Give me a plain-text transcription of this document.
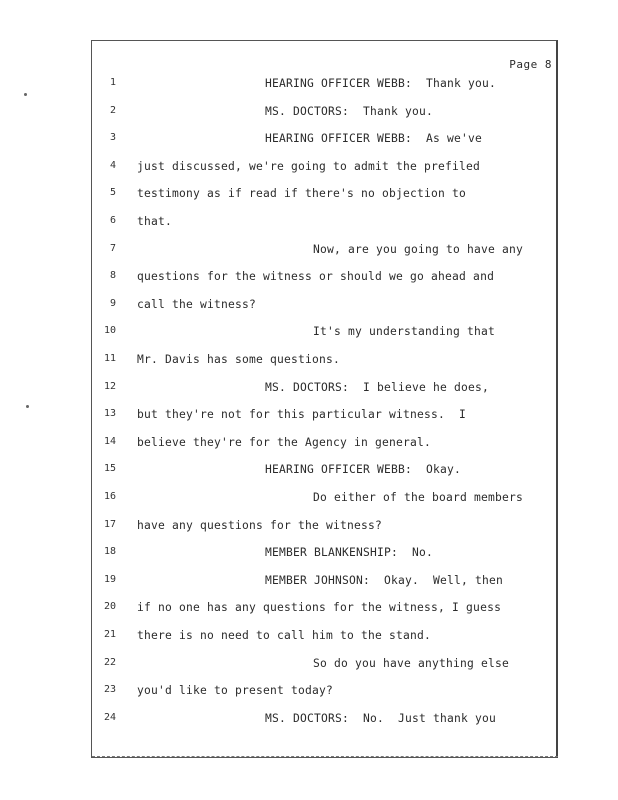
Page 8
1	HEARING OFFICER WEBB:  Thank you.
2	MS. DOCTORS:  Thank you.
3	HEARING OFFICER WEBB:  As we've
4 just discussed, we're going to admit the prefiled
5 testimony as if read if there's no objection to
6 that.
7	Now, are you going to have any
8 questions for the witness or should we go ahead and
9 call the witness?
10	It's my understanding that
11 Mr. Davis has some questions.
12	MS. DOCTORS:  I believe he does,
13 but they're not for this particular witness.  I
14 believe they're for the Agency in general.
15	HEARING OFFICER WEBB:  Okay.
16	Do either of the board members
17 have any questions for the witness?
18	MEMBER BLANKENSHIP:  No.
19	MEMBER JOHNSON:  Okay.  Well, then
20 if no one has any questions for the witness, I guess
21 there is no need to call him to the stand.
22	So do you have anything else
23 you'd like to present today?
24	MS. DOCTORS:  No.  Just thank you
